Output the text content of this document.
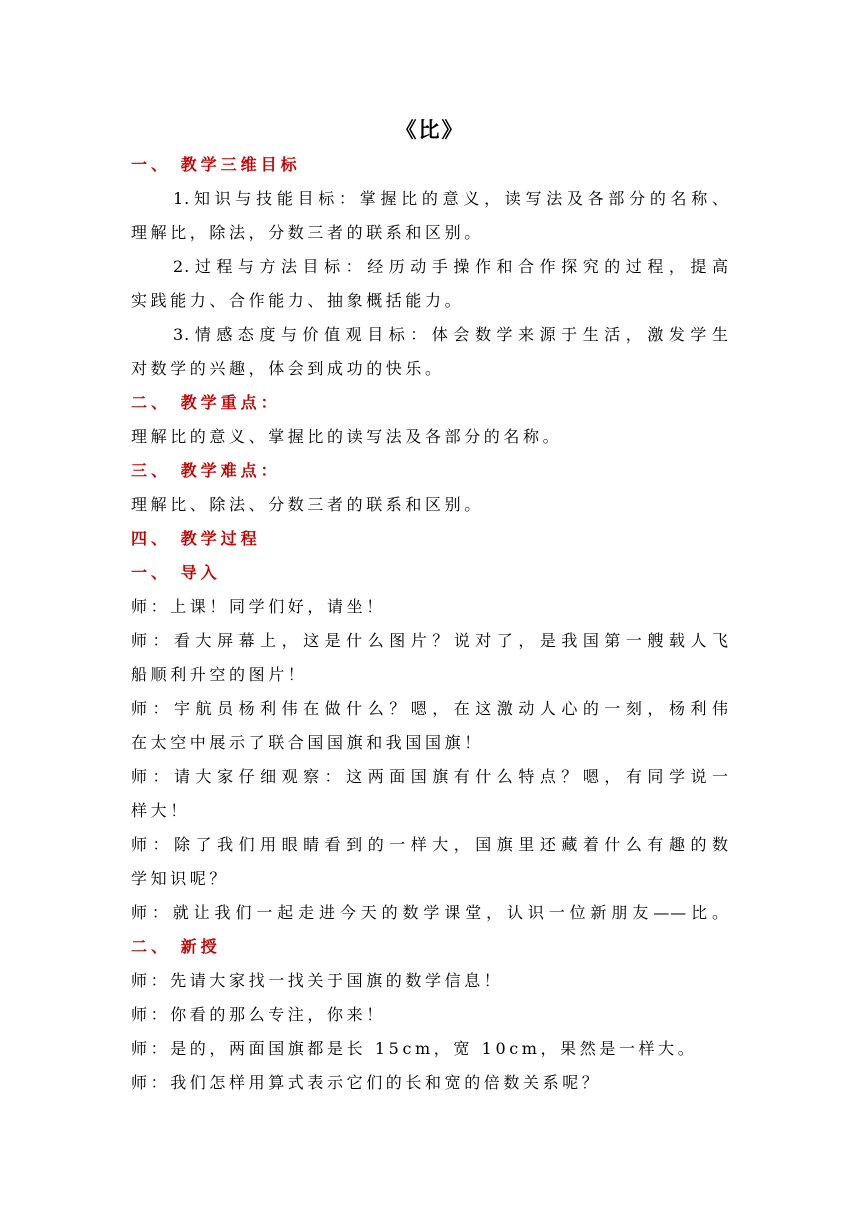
《比》
一、 教学三维目标
1.知识与技能目标：掌握比的意义，读写法及各部分的名称、
理解比，除法，分数三者的联系和区别。
2.过程与方法目标：经历动手操作和合作探究的过程，提高
实践能力、合作能力、抽象概括能力。
3.情感态度与价值观目标：体会数学来源于生活，激发学生
对数学的兴趣，体会到成功的快乐。
二、 教学重点：
理解比的意义、掌握比的读写法及各部分的名称。
三、 教学难点：
理解比、除法、分数三者的联系和区别。
四、 教学过程
一、 导入
师：上课！同学们好，请坐！
师：看大屏幕上，这是什么图片？说对了，是我国第一艘载人飞
船顺利升空的图片！
师：宇航员杨利伟在做什么？嗯，在这激动人心的一刻，杨利伟
在太空中展示了联合国国旗和我国国旗！
师：请大家仔细观察：这两面国旗有什么特点？嗯，有同学说一
样大！
师：除了我们用眼睛看到的一样大，国旗里还藏着什么有趣的数
学知识呢？
师：就让我们一起走进今天的数学课堂，认识一位新朋友——比。
二、 新授
师：先请大家找一找关于国旗的数学信息！
师：你看的那么专注，你来！
师：是的，两面国旗都是长 15cm，宽 10cm，果然是一样大。
师：我们怎样用算式表示它们的长和宽的倍数关系呢？
